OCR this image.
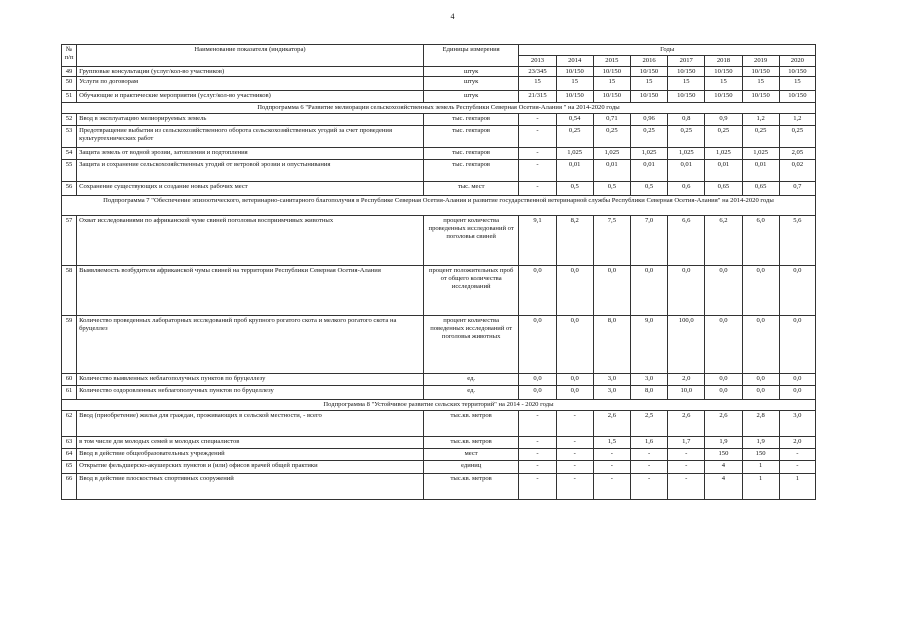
4
№
п/п	Наименование показателя (индикатора)	Единицы измерения	Годы							
			2013	2014	2015	2016	2017	2018	2019	2020
49	Групповые консультации (услуг/кол-во участников)	штук	23/345	10/150	10/150	10/150	10/150	10/150	10/150	10/150
50	Услуги по договорам	штук	15	15	15	15	15	15	15	15
51	Обучающие и практические мероприятия (услуг/кол-во участников)	штук	21/315	10/150	10/150	10/150	10/150	10/150	10/150	10/150
Подпрограмма 6 "Развитие мелиорации сельскохозяйственных земель Республики Северная Осетия-Алания " на 2014-2020 годы										
52	Ввод в эксплуатацию мелиорируемых земель	тыс. гектаров	-	0,54	0,71	0,96	0,8	0,9	1,2	1,2
53	Предотвращение выбытия из сельскохозяйственного оборота сельскохозяйственных угодий за счет проведения культуртехнических работ	тыс. гектаров	-	0,25	0,25	0,25	0,25	0,25	0,25	0,25
54	Защита земель от водной эрозии, затопления и подтопления	тыс. гектаров	-	1,025	1,025	1,025	1,025	1,025	1,025	2,05
55	Защита и сохранение сельскохозяйственных угодий от ветровой эрозии и опустынивания	тыс. гектаров	-	0,01	0,01	0,01	0,01	0,01	0,01	0,02
56	Сохранение существующих и создание новых рабочих мест	тыс. мест	-	0,5	0,5	0,5	0,6	0,65	0,65	0,7
Подпрограмма 7 "Обеспечение эпизоотического, ветеринарно-санитарного благополучия в Республике Северная Осетия-Алания и развитие государственной ветеринарной службы Республики Северная Осетия-Алания" на 2014-2020 годы										
57	Охват исследованиями по африканской чуме свиней поголовья восприимчивых животных	процент количества проведенных исследований от поголовья свиней	9,1	8,2	7,5	7,0	6,6	6,2	6,0	5,6
58	Выявляемость возбудителя африканской чумы свиней на территории Республики Северная Осетия-Алания	процент положительных проб от общего количества исследований	0,0	0,0	0,0	0,0	0,0	0,0	0,0	0,0
59	Количество проведенных лабораторных исследований проб крупного рогатого скота и мелкого рогатого скота на бруцеллез	процент количества поведенных исследований от поголовья животных	0,0	0,0	8,0	9,0	100,0	0,0	0,0	0,0
60	Количество выявленных неблагополучных пунктов по бруцеллезу	ед.	0,0	0,0	3,0	3,0	2,0	0,0	0,0	0,0
61	Количество оздоровленных неблагополучных пунктов по бруцеллезу	ед.	0,0	0,0	3,0	8,0	10,0	0,0	0,0	0,0
Подпрограмма 8 "Устойчивое развитие сельских территорий" на 2014 - 2020 годы										
62	Ввод (приобретение) жилья для граждан, проживающих в сельской местности, - всего	тыс.кв. метров	-	-	2,6	2,5	2,6	2,6	2,8	3,0
63	в том числе для молодых семей и молодых специалистов	тыс.кв. метров	-	-	1,5	1,6	1,7	1,9	1,9	2,0
64	Ввод в действие общеобразовательных учреждений	мест	-	-	-	-	-	150	150	-
65	Открытие фельдшерско-акушерских пунктов и (или) офисов врачей общей практики	единиц	-	-	-	-	-	4	1	-
66	Ввод в действие плоскостных спортивных сооружений	тыс.кв. метров	-	-	-	-	-	4	1	1
